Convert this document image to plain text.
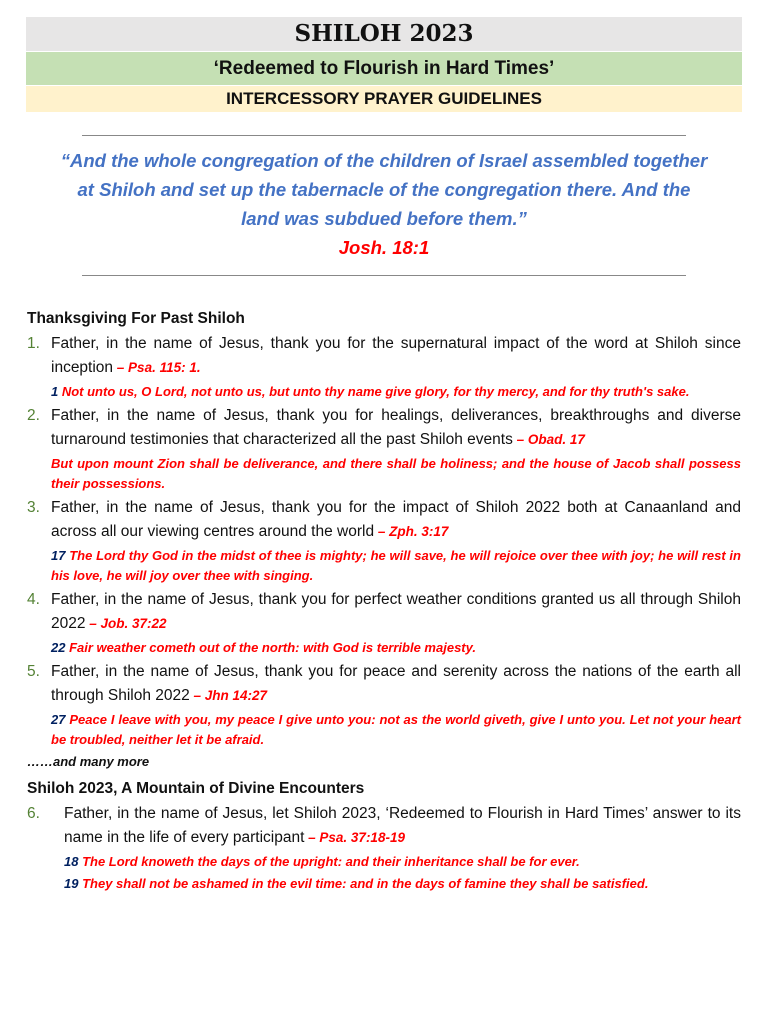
SHILOH 2023
‘Redeemed to Flourish in Hard Times’
INTERCESSORY PRAYER GUIDELINES
“And the whole congregation of the children of Israel assembled together at Shiloh and set up the tabernacle of the congregation there. And the land was subdued before them.”
Josh. 18:1
Thanksgiving For Past Shiloh
1. Father, in the name of Jesus, thank you for the supernatural impact of the word at Shiloh since inception – Psa. 115: 1.
1 Not unto us, O Lord, not unto us, but unto thy name give glory, for thy mercy, and for thy truth's sake.
2. Father, in the name of Jesus, thank you for healings, deliverances, breakthroughs and diverse turnaround testimonies that characterized all the past Shiloh events – Obad. 17
But upon mount Zion shall be deliverance, and there shall be holiness; and the house of Jacob shall possess their possessions.
3. Father, in the name of Jesus, thank you for the impact of Shiloh 2022 both at Canaanland and across all our viewing centres around the world – Zph. 3:17
17 The Lord thy God in the midst of thee is mighty; he will save, he will rejoice over thee with joy; he will rest in his love, he will joy over thee with singing.
4. Father, in the name of Jesus, thank you for perfect weather conditions granted us all through Shiloh 2022 – Job. 37:22
22 Fair weather cometh out of the north: with God is terrible majesty.
5. Father, in the name of Jesus, thank you for peace and serenity across the nations of the earth all through Shiloh 2022 – Jhn 14:27
27 Peace I leave with you, my peace I give unto you: not as the world giveth, give I unto you. Let not your heart be troubled, neither let it be afraid.
……and many more
Shiloh 2023, A Mountain of Divine Encounters
6.	Father, in the name of Jesus, let Shiloh 2023, ‘Redeemed to Flourish in Hard Times’ answer to its name in the life of every participant – Psa. 37:18-19
18 The Lord knoweth the days of the upright: and their inheritance shall be for ever.
19 They shall not be ashamed in the evil time: and in the days of famine they shall be satisfied.
